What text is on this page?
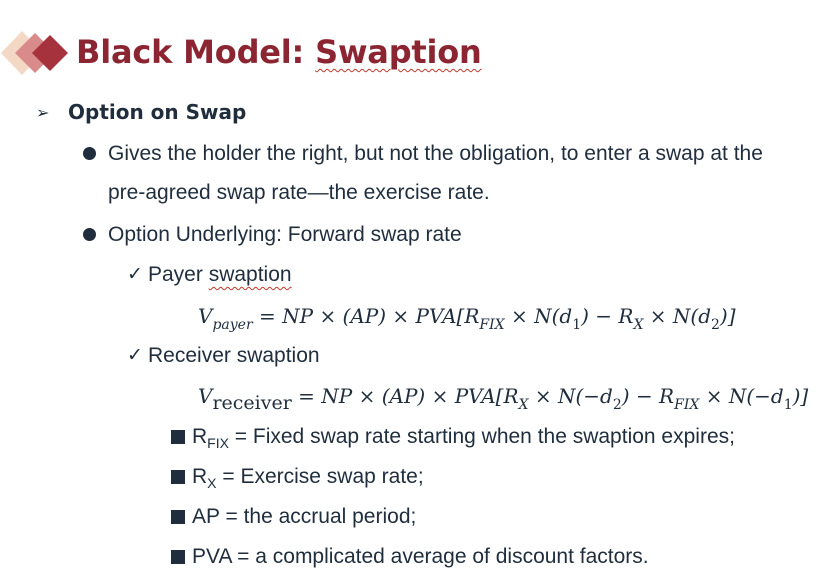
Black Model: Swaption
➢ Option on Swap
Gives the holder the right, but not the obligation, to enter a swap at the
pre-agreed swap rate—the exercise rate.
Option Underlying: Forward swap rate
✓ Payer swaption
$V_{payer}$ = NP × $(AP) \times PVA[R_{FIX} \times N(d_1) - R_X \times N(d_2)]$
✓ Receiver swaption
Vreceiver = NP × $(AP) \times PVA[R_X \times N(-d_2) - R_{FIX} \times N(-d_1)]$
$R_{FIX}$ = Fixed swap rate starting when the swaption expires;
$R_X$ = Exercise swap rate;
AP = the accrual period;
PVA = a complicated average of discount factors.
